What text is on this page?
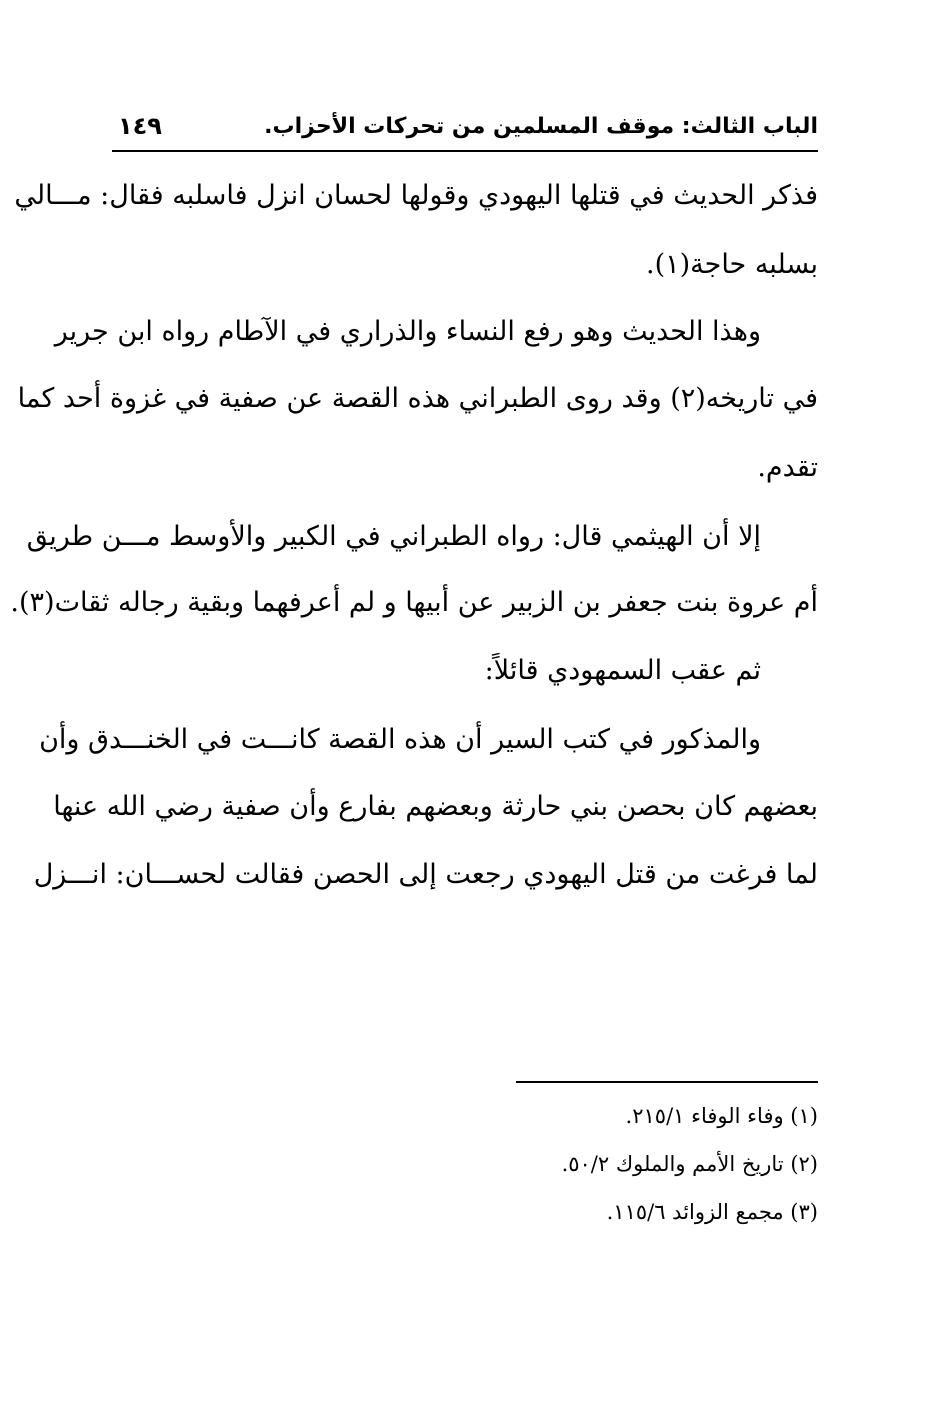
الباب الثالث: موقف المسلمين من تحركات الأحزاب.
١٤٩
فذكر الحديث في قتلها اليهودي وقولها لحسان انزل فاسلبه فقال: مـــالي
بسلبه حاجة(١).
وهذا الحديث وهو رفع النساء والذراري في الآطام رواه ابن جرير
في تاريخه(٢) وقد روى الطبراني هذه القصة عن صفية في غزوة أحد كما
تقدم.
إلا أن الهيثمي قال: رواه الطبراني في الكبير والأوسط مـــن طريق
أم عروة بنت جعفر بن الزبير عن أبيها و لم أعرفهما وبقية رجاله ثقات(٣).
ثم عقب السمهودي قائلاً:
والمذكور في كتب السير أن هذه القصة كانـــت في الخنـــدق وأن
بعضهم كان بحصن بني حارثة وبعضهم بفارع وأن صفية رضي الله عنها
لما فرغت من قتل اليهودي رجعت إلى الحصن فقالت لحســـان: انـــزل
(١) وفاء الوفاء ٢١٥/١.
(٢) تاريخ الأمم والملوك ٥٠/٢.
(٣) مجمع الزوائد ١١٥/٦.
